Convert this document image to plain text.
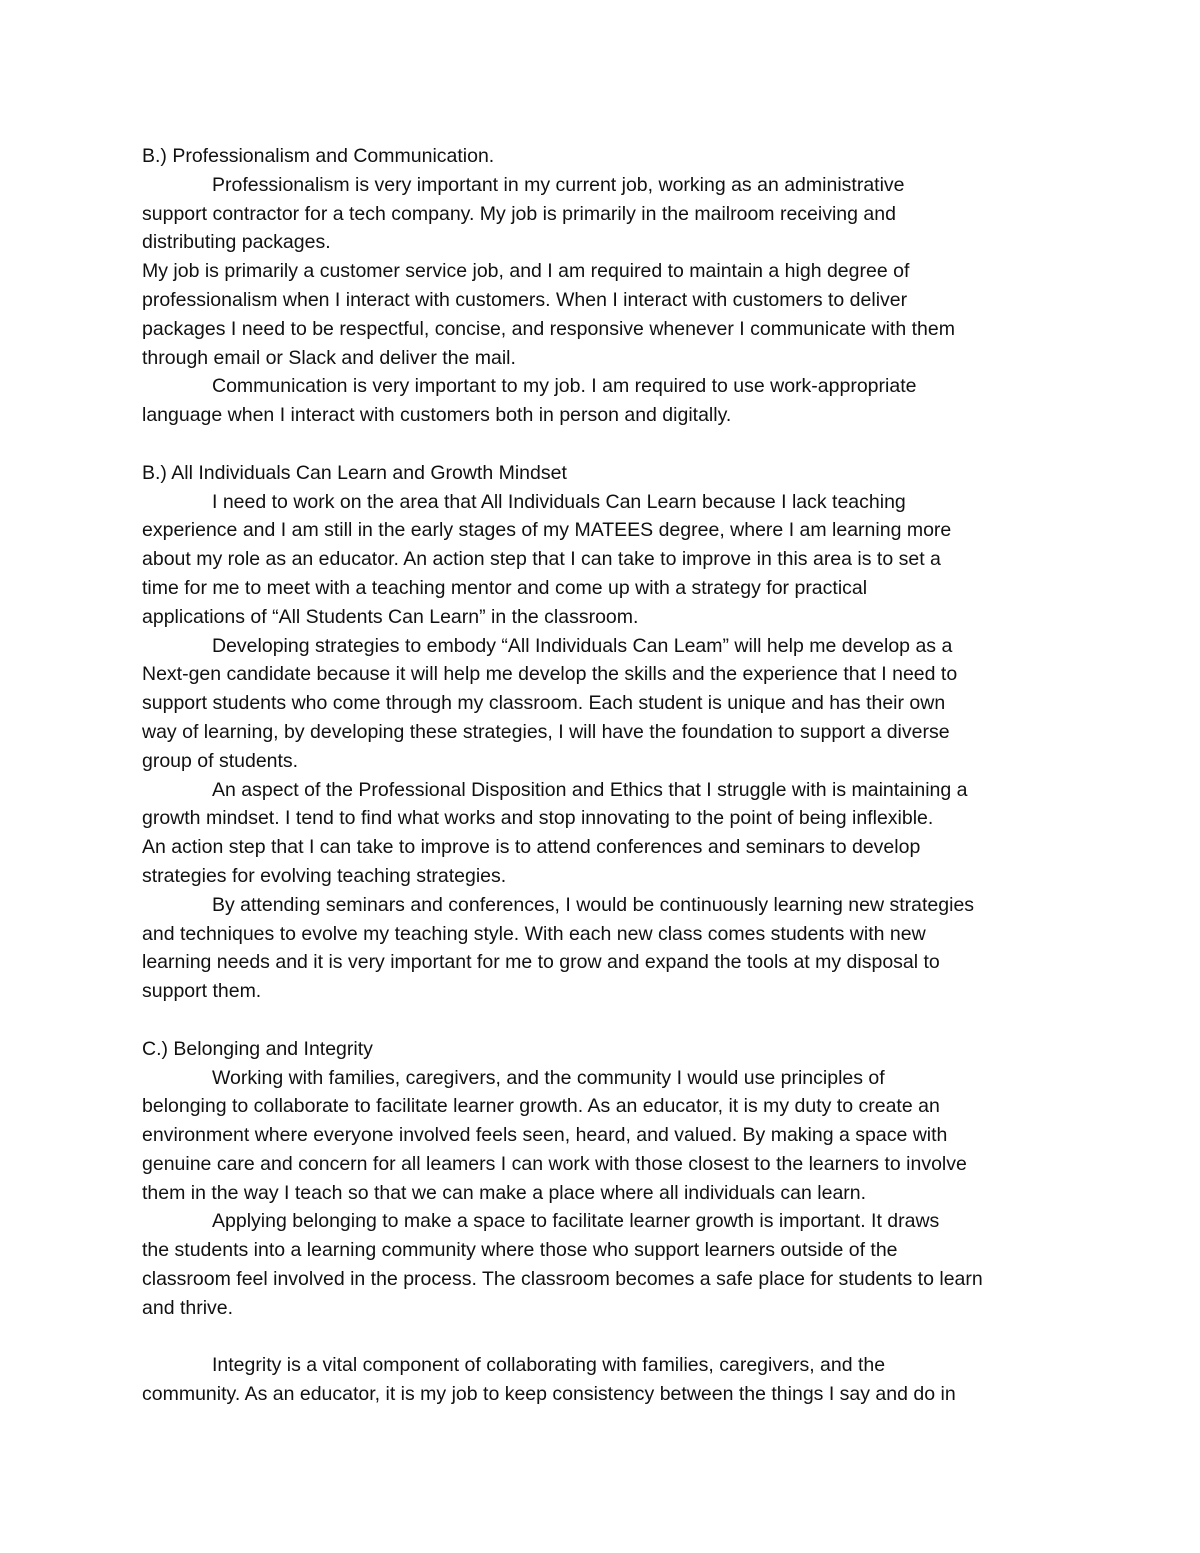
B.) Professionalism and Communication.
Professionalism is very important in my current job, working as an administrative
support contractor for a tech company. My job is primarily in the mailroom receiving and
distributing packages.
My job is primarily a customer service job, and I am required to maintain a high degree of
professionalism when I interact with customers. When I interact with customers to deliver
packages I need to be respectful, concise, and responsive whenever I communicate with them
through email or Slack and deliver the mail.
Communication is very important to my job. I am required to use work-appropriate
language when I interact with customers both in person and digitally.
B.) All Individuals Can Learn and Growth Mindset
I need to work on the area that All Individuals Can Learn because I lack teaching
experience and I am still in the early stages of my MATEES degree, where I am learning more
about my role as an educator. An action step that I can take to improve in this area is to set a
time for me to meet with a teaching mentor and come up with a strategy for practical
applications of “All Students Can Learn” in the classroom.
Developing strategies to embody “All Individuals Can Leam” will help me develop as a
Next-gen candidate because it will help me develop the skills and the experience that I need to
support students who come through my classroom. Each student is unique and has their own
way of learning, by developing these strategies, I will have the foundation to support a diverse
group of students.
An aspect of the Professional Disposition and Ethics that I struggle with is maintaining a
growth mindset. I tend to find what works and stop innovating to the point of being inflexible.
An action step that I can take to improve is to attend conferences and seminars to develop
strategies for evolving teaching strategies.
By attending seminars and conferences, I would be continuously learning new strategies
and techniques to evolve my teaching style. With each new class comes students with new
learning needs and it is very important for me to grow and expand the tools at my disposal to
support them.
C.) Belonging and Integrity
Working with families, caregivers, and the community I would use principles of
belonging to collaborate to facilitate learner growth. As an educator, it is my duty to create an
environment where everyone involved feels seen, heard, and valued. By making a space with
genuine care and concern for all leamers I can work with those closest to the learners to involve
them in the way I teach so that we can make a place where all individuals can learn.
Applying belonging to make a space to facilitate learner growth is important. It draws
the students into a learning community where those who support learners outside of the
classroom feel involved in the process. The classroom becomes a safe place for students to learn
and thrive.
Integrity is a vital component of collaborating with families, caregivers, and the
community. As an educator, it is my job to keep consistency between the things I say and do in
